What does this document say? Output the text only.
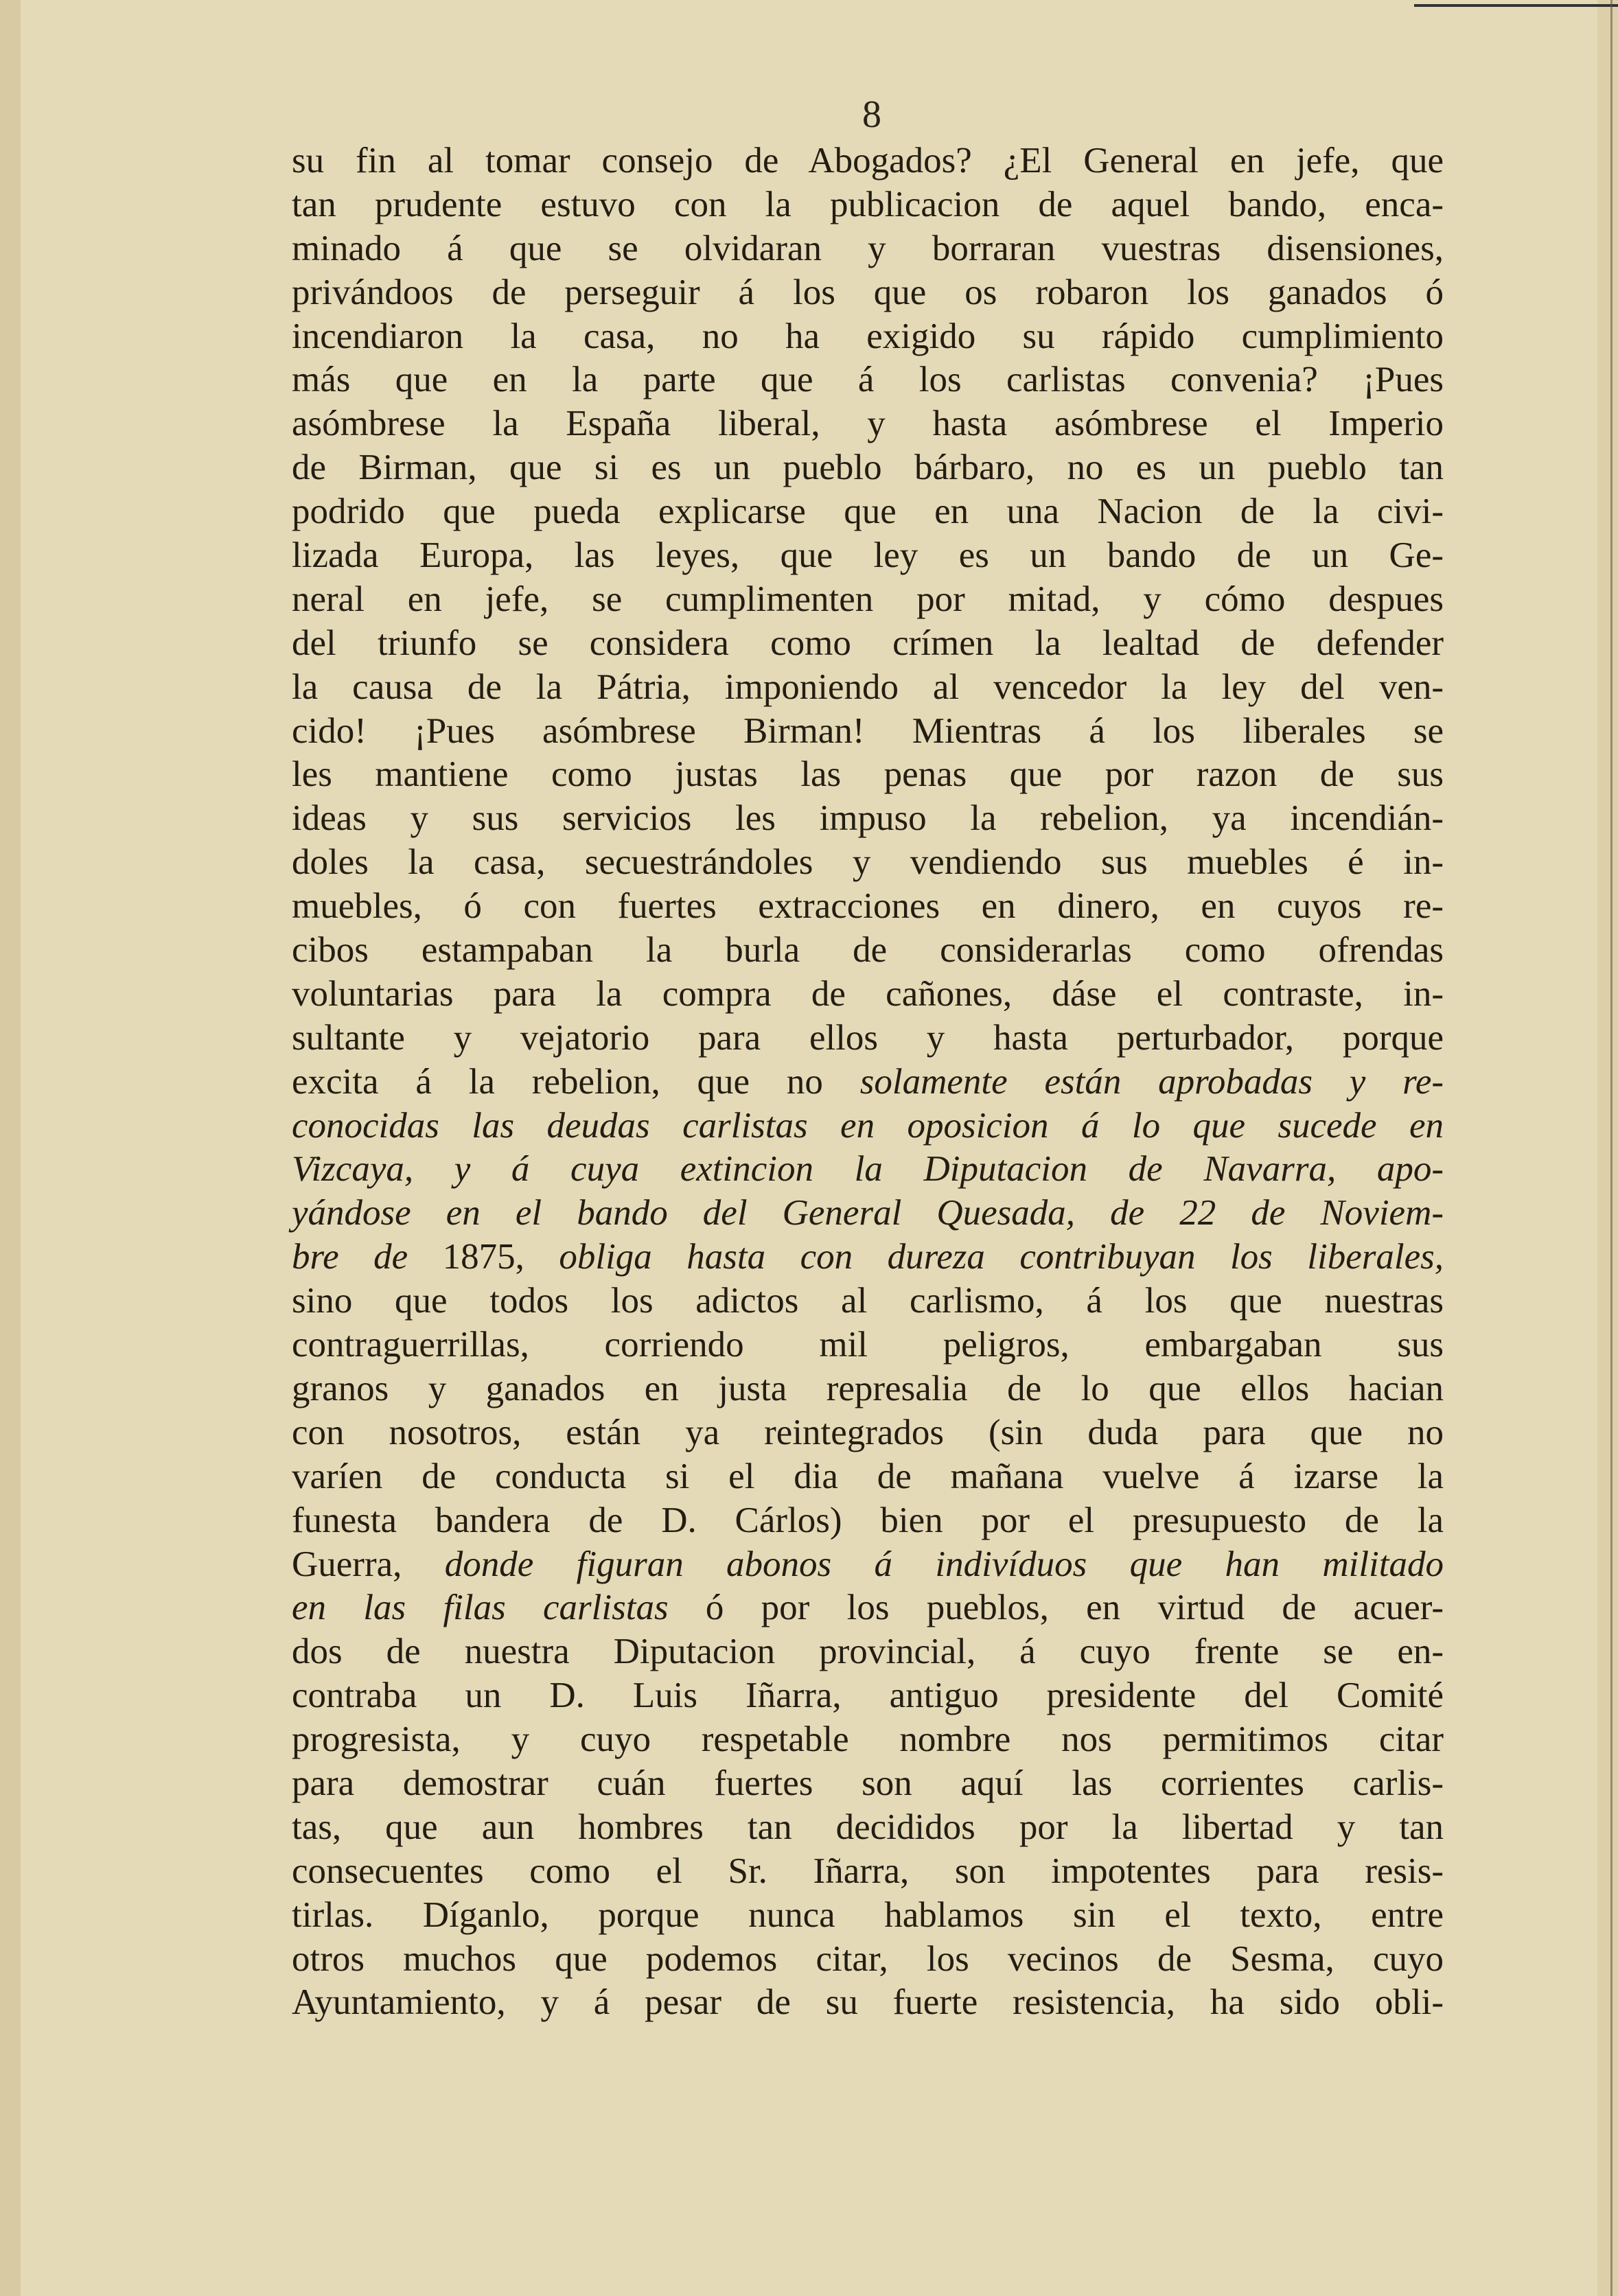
8
su fin al tomar consejo de Abogados? ¿El General en jefe, que
tan prudente estuvo con la publicacion de aquel bando, enca-
minado á que se olvidaran y borraran vuestras disensiones,
privándoos de perseguir á los que os robaron los ganados ó
incendiaron la casa, no ha exigido su rápido cumplimiento
más que en la parte que á los carlistas convenia? ¡Pues
asómbrese la España liberal, y hasta asómbrese el Imperio
de Birman, que si es un pueblo bárbaro, no es un pueblo tan
podrido que pueda explicarse que en una Nacion de la civi-
lizada Europa, las leyes, que ley es un bando de un Ge-
neral en jefe, se cumplimenten por mitad, y cómo despues
del triunfo se considera como crímen la lealtad de defender
la causa de la Pátria, imponiendo al vencedor la ley del ven-
cido! ¡Pues asómbrese Birman! Mientras á los liberales se
les mantiene como justas las penas que por razon de sus
ideas y sus servicios les impuso la rebelion, ya incendián-
doles la casa, secuestrándoles y vendiendo sus muebles é in-
muebles, ó con fuertes extracciones en dinero, en cuyos re-
cibos estampaban la burla de considerarlas como ofrendas
voluntarias para la compra de cañones, dáse el contraste, in-
sultante y vejatorio para ellos y hasta perturbador, porque
excita á la rebelion, que no solamente están aprobadas y re-
conocidas las deudas carlistas en oposicion á lo que sucede en
Vizcaya, y á cuya extincion la Diputacion de Navarra, apo-
yándose en el bando del General Quesada, de 22 de Noviem-
bre de 1875, obliga hasta con dureza contribuyan los liberales,
sino que todos los adictos al carlismo, á los que nuestras
contraguerrillas, corriendo mil peligros, embargaban sus
granos y ganados en justa represalia de lo que ellos hacian
con nosotros, están ya reintegrados (sin duda para que no
varíen de conducta si el dia de mañana vuelve á izarse la
funesta bandera de D. Cárlos) bien por el presupuesto de la
Guerra, donde figuran abonos á indivíduos que han militado
en las filas carlistas ó por los pueblos, en virtud de acuer-
dos de nuestra Diputacion provincial, á cuyo frente se en-
contraba un D. Luis Iñarra, antiguo presidente del Comité
progresista, y cuyo respetable nombre nos permitimos citar
para demostrar cuán fuertes son aquí las corrientes carlis-
tas, que aun hombres tan decididos por la libertad y tan
consecuentes como el Sr. Iñarra, son impotentes para resis-
tirlas. Díganlo, porque nunca hablamos sin el texto, entre
otros muchos que podemos citar, los vecinos de Sesma, cuyo
Ayuntamiento, y á pesar de su fuerte resistencia, ha sido obli-
